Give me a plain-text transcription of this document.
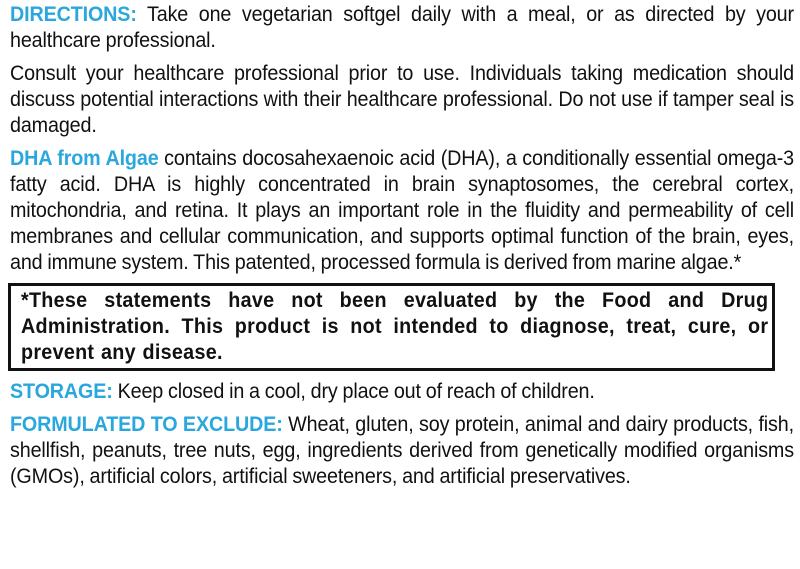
DIRECTIONS: Take one vegetarian softgel daily with a meal, or as directed by your healthcare professional.

Consult your healthcare professional prior to use. Individuals taking medication should discuss potential interactions with their healthcare professional. Do not use if tamper seal is damaged.

DHA from Algae contains docosahexaenoic acid (DHA), a conditionally essential omega-3 fatty acid. DHA is highly concentrated in brain synaptosomes, the cerebral cortex, mitochondria, and retina. It plays an important role in the fluidity and permeability of cell membranes and cellular communication, and supports optimal function of the brain, eyes, and immune system. This patented, processed formula is derived from marine algae.*

*These statements have not been evaluated by the Food and Drug Administration. This product is not intended to diagnose, treat, cure, or prevent any disease.

STORAGE: Keep closed in a cool, dry place out of reach of children.

FORMULATED TO EXCLUDE: Wheat, gluten, soy protein, animal and dairy products, fish, shellfish, peanuts, tree nuts, egg, ingredients derived from genetically modified organisms (GMOs), artificial colors, artificial sweeteners, and artificial preservatives.
